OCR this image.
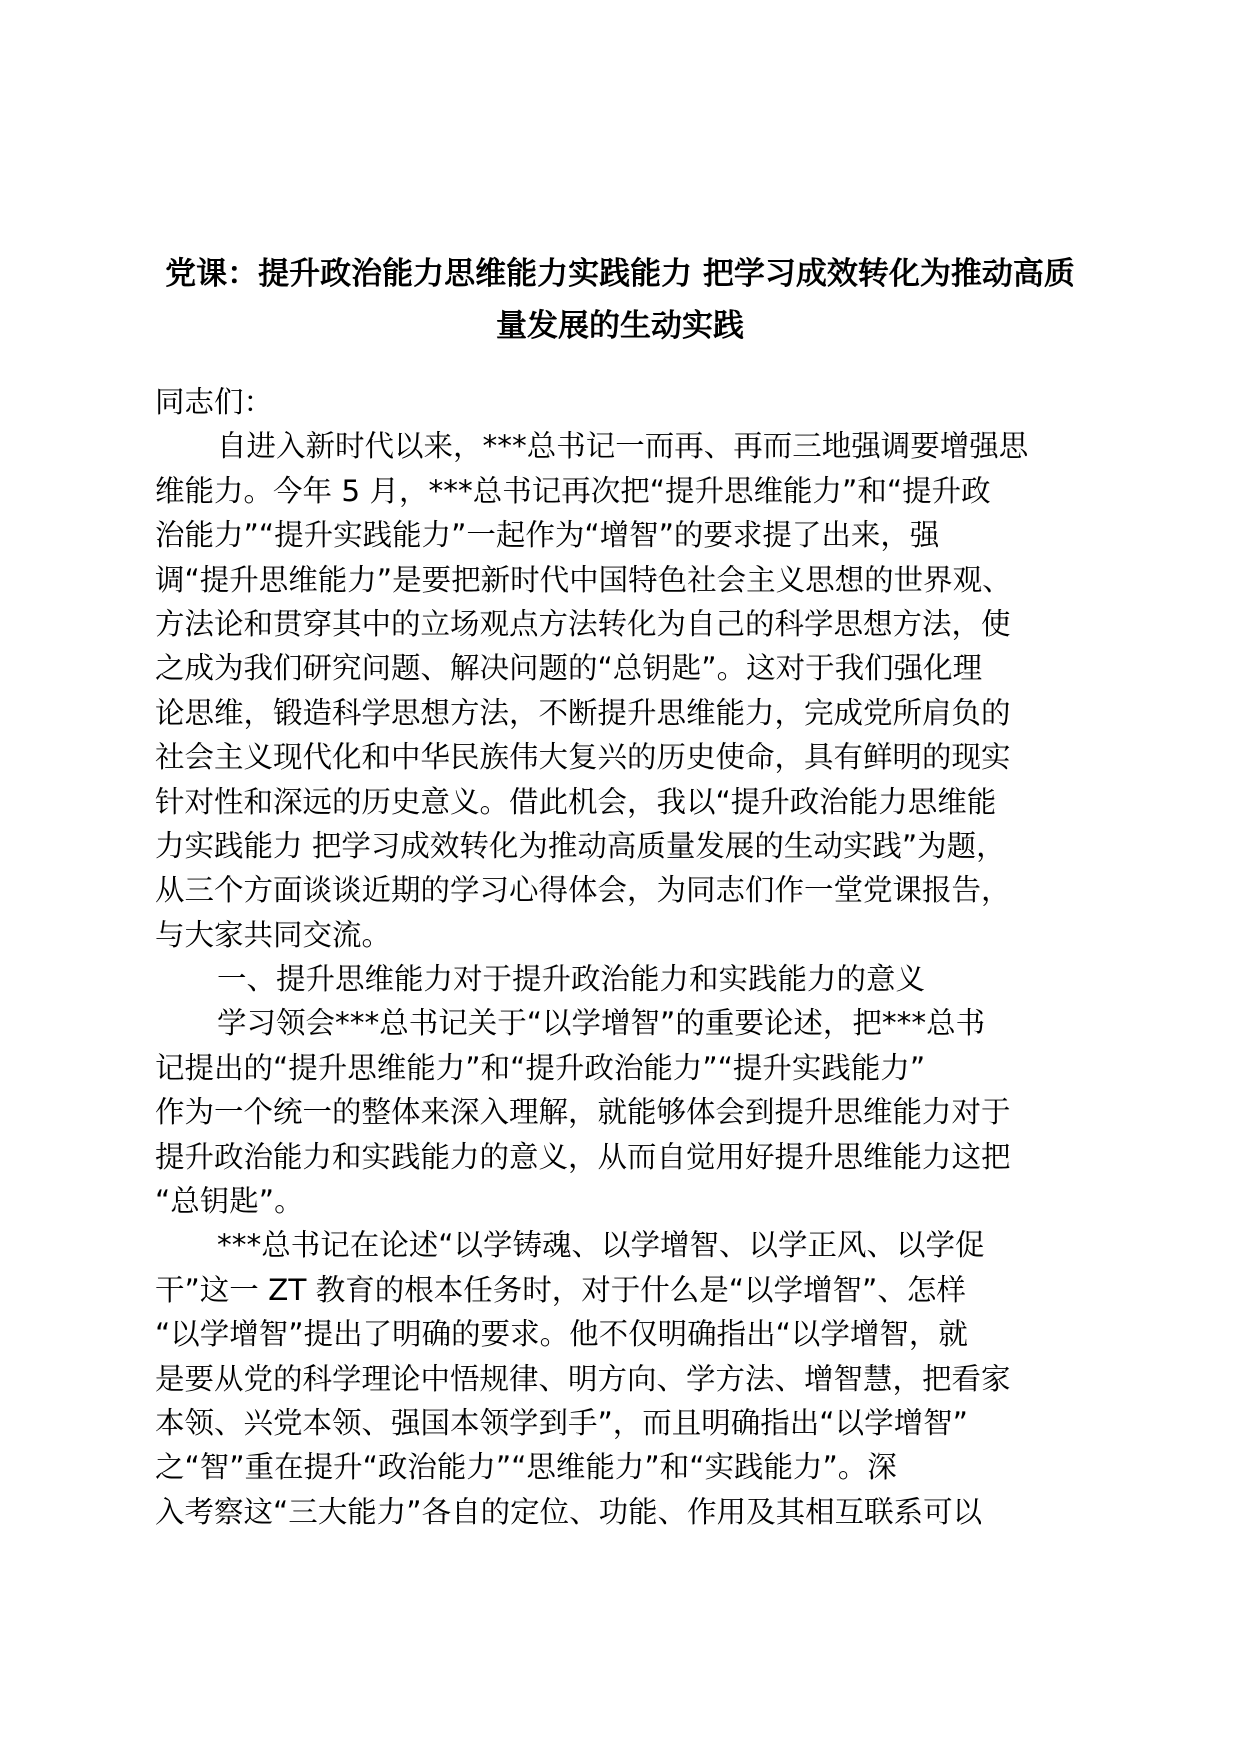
党课：提升政治能力思维能力实践能力 把学习成效转化为推动高质
量发展的生动实践
同志们：
自进入新时代以来，***总书记一而再、再而三地强调要增强思
维能力。今年 5 月，***总书记再次把“提升思维能力”和“提升政
治能力”“提升实践能力”一起作为“增智”的要求提了出来，强
调“提升思维能力”是要把新时代中国特色社会主义思想的世界观、
方法论和贯穿其中的立场观点方法转化为自己的科学思想方法，使
之成为我们研究问题、解决问题的“总钥匙”。这对于我们强化理
论思维，锻造科学思想方法，不断提升思维能力，完成党所肩负的
社会主义现代化和中华民族伟大复兴的历史使命，具有鲜明的现实
针对性和深远的历史意义。借此机会，我以“提升政治能力思维能
力实践能力 把学习成效转化为推动高质量发展的生动实践”为题，
从三个方面谈谈近期的学习心得体会，为同志们作一堂党课报告，
与大家共同交流。
一、提升思维能力对于提升政治能力和实践能力的意义
学习领会***总书记关于“以学增智”的重要论述，把***总书
记提出的“提升思维能力”和“提升政治能力”“提升实践能力”
作为一个统一的整体来深入理解，就能够体会到提升思维能力对于
提升政治能力和实践能力的意义，从而自觉用好提升思维能力这把
“总钥匙”。
***总书记在论述“以学铸魂、以学增智、以学正风、以学促
干”这一 ZT 教育的根本任务时，对于什么是“以学增智”、怎样
“以学增智”提出了明确的要求。他不仅明确指出“以学增智，就
是要从党的科学理论中悟规律、明方向、学方法、增智慧，把看家
本领、兴党本领、强国本领学到手”，而且明确指出“以学增智”
之“智”重在提升“政治能力”“思维能力”和“实践能力”。深
入考察这“三大能力”各自的定位、功能、作用及其相互联系可以
